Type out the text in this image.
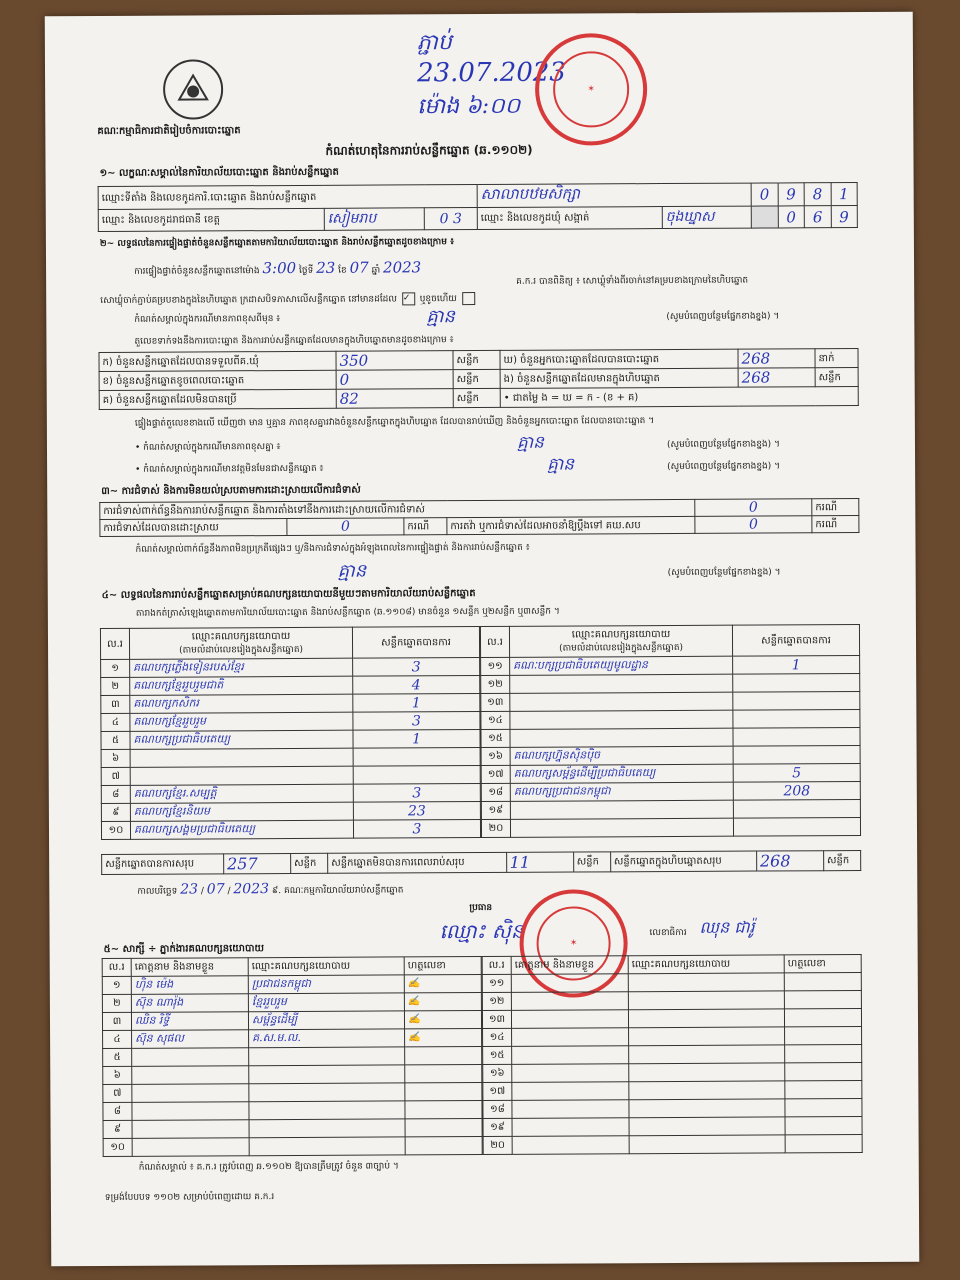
ភ្ជាប់
23.07.2023
ម៉ោង ៦:០០
✶
គណៈកម្មាធិការជាតិរៀបចំការបោះឆ្នោត
កំណត់ហេតុនៃការរាប់សន្លឹកឆ្នោត (ឆ.១១០២)
១~ លក្ខណៈសម្គាល់នៃការិយាល័យបោះឆ្នោត និងរាប់សន្លឹកឆ្នោត
ឈ្មោះទីតាំង និងលេខកូដការិ.បោះឆ្នោត និងរាប់សន្លឹកឆ្នោត			សាលាបឋមសិក្សា		0	9	8	1
ឈ្មោះ និងលេខកូដរាជធានី ខេត្ត	សៀមរាប	0 3	ឈ្មោះ និងលេខកូដឃុំ សង្កាត់	ចុងឃ្នាស		0	6	9
២~ លទ្ធផលនៃការផ្ទៀងផ្ទាត់ចំនួនសន្លឹកឆ្នោតតាមការិយាល័យបោះឆ្នោត និងរាប់សន្លឹកឆ្នោតដូចខាងក្រោម ៖
ការផ្ទៀងផ្ទាត់ចំនួនសន្លឹកឆ្នោតនៅម៉ោង 3:00 ថ្ងៃទី 23 ខែ 07 ឆ្នាំ 2023
គ.ក.រ បានពិនិត្យ ៖ សោឃ្លុំទាំងពីរចាក់នៅគម្របខាងក្រោមនៃហិបឆ្នោត
សោឃ្លុំចាក់ភ្ជាប់គម្របខាងក្នុងនៃហិបឆ្នោត ក្រដាសបិទភាសាលើសន្លឹកឆ្នោត នៅមានដដែល ✓ ឬខូចហើយ
កំណត់សម្គាល់ក្នុងករណីមានភាពខុសពីមុន ៖	គ្មាន	(សូមបំពេញបន្ថែមផ្នែកខាងខ្នង) ។
តួលេខទាក់ទងនឹងការបោះឆ្នោត និងការរាប់សន្លឹកឆ្នោតដែលមានក្នុងហិបឆ្នោតមានដូចខាងក្រោម ៖
ក) ចំនួនសន្លឹកឆ្នោតដែលបានទទួលពីគ.ឃុំ	350	សន្លឹក	ឃ) ចំនួនអ្នកបោះឆ្នោតដែលបានបោះឆ្នោត	268	នាក់
ខ) ចំនួនសន្លឹកឆ្នោតខូចពេលបោះឆ្នោត	0	សន្លឹក	ង) ចំនួនសន្លឹកឆ្នោតដែលមានក្នុងហិបឆ្នោត	268	សន្លឹក
គ) ចំនួនសន្លឹកឆ្នោតដែលមិនបានប្រើ	82	សន្លឹក	• ជាតម្លៃ ង = ឃ = ក - (ខ + គ)		
ផ្ទៀងផ្ទាត់តួលេខខាងលើ ឃើញថា មាន ឬគ្មាន ភាពខុសគ្នារវាងចំនួនសន្លឹកឆ្នោតក្នុងហិបឆ្នោត ដែលបានរាប់ឃើញ និងចំនួនអ្នកបោះឆ្នោត ដែលបានបោះឆ្នោត ។
• កំណត់សម្គាល់ក្នុងករណីមានភាពខុសគ្នា ៖	គ្មាន	(សូមបំពេញបន្ថែមផ្នែកខាងខ្នង) ។
• កំណត់សម្គាល់ក្នុងករណីមានវត្តមិនមែនជាសន្លឹកឆ្នោត ៖	គ្មាន	(សូមបំពេញបន្ថែមផ្នែកខាងខ្នង) ។
៣~ ការជំទាស់ និងការមិនយល់ស្របតាមការដោះស្រាយលើការជំទាស់
ការជំទាស់ពាក់ព័ន្ធនឹងការរាប់សន្លឹកឆ្នោត និងការតាំងទៅនឹងការដោះស្រាយលើការជំទាស់				0	ករណី
ការជំទាស់ដែលបានដោះស្រាយ	0	ករណី	ការតវ៉ា ឬការជំទាស់ដែលអាចនាំឱ្យប្តឹងទៅ គឃ.សប	0	ករណី
កំណត់សម្គាល់ពាក់ព័ន្ធនឹងភាពមិនប្រក្រតីផ្សេងៗ ឬ/និងការជំទាស់ក្នុងអំឡុងពេលនៃការផ្ទៀងផ្ទាត់ និងការរាប់សន្លឹកឆ្នោត ៖
គ្មាន	(សូមបំពេញបន្ថែមផ្នែកខាងខ្នង) ។
៤~ លទ្ធផលនៃការរាប់សន្លឹកឆ្នោតសម្រាប់គណបក្សនយោបាយនីមួយៗតាមការិយាល័យរាប់សន្លឹកឆ្នោត
តារាងកត់ត្រាសំឡេងឆ្នោតតាមការិយាល័យបោះឆ្នោត និងរាប់សន្លឹកឆ្នោត (ឆ.១១០៨) មានចំនួន ១សន្លឹក ឬ២សន្លឹក ឬ៣សន្លឹក ។
ល.រ	ឈ្មោះគណបក្សនយោបាយ
(តាមលំដាប់លេខរៀងក្នុងសន្លឹកឆ្នោត)	សន្លឹកឆ្នោតបានការ
១	គណបក្សភ្លើងទៀនរបស់ខ្មែរ	3
២	គណបក្សខ្មែររួបរួមជាតិ	4
៣	គណបក្សកសិករ	1
៤	គណបក្សខ្មែររួបរួម	3
៥	គណបក្សប្រជាធិបតេយ្យ	1
៦		
៧		
៨	គណបក្សខ្មែរ.សម្បត្តិ	3
៩	គណបក្សខ្មែរនិយម	23
១០	គណបក្សសង្គមប្រជាធិបតេយ្យ	3
ល.រ	ឈ្មោះគណបក្សនយោបាយ
(តាមលំដាប់លេខរៀងក្នុងសន្លឹកឆ្នោត)	សន្លឹកឆ្នោតបានការ
១១	គណៈបក្សប្រជាធិបតេយ្យមូលដ្ឋាន	1
១២		
១៣		
១៤		
១៥		
១៦	គណបក្សហ្វ៊ុនស៊ិនប៉ិច	
១៧	គណបក្សសម្ព័ន្ធដើម្បីប្រជាធិបតេយ្យ	5
១៨	គណបក្សប្រជាជនកម្ពុជា	208
១៩		
២០		
សន្លឹកឆ្នោតបានការសរុប	257	សន្លឹក	សន្លឹកឆ្នោតមិនបានការពេលរាប់សរុប	11	សន្លឹក	សន្លឹកឆ្នោតក្នុងហិបឆ្នោតសរុប	268	សន្លឹក
កាលបរិច្ឆេទ 23 / 07 / 2023 ៩. គណៈកម្មការិយាល័យរាប់សន្លឹកឆ្នោត
ប្រធាន
ឈ្មោះ ស៊ិន
✶
លេខាធិការ ឈុន ជារ៉ូ
៥~ សាក្សី ÷ ភ្នាក់ងារគណបក្សនយោបាយ
ល.រ	គោត្តនាម និងនាមខ្លួន	ឈ្មោះគណបក្សនយោបាយ	ហត្ថលេខា
១	ហ៊ិន ម៉េង	ប្រជាជនកម្ពុជា	✍
២	ស៊ុន ណារ៉ុង	ខ្មែររួបរួម	✍
៣	ឈិន រិទ្ធី	សម្ព័ន្ធដើម្បី	✍
៤	ស៊ុន សុផល	គ.ស.ម.ល.	✍
៥			
៦			
៧			
៨			
៩			
១០			
ល.រ	គោត្តនាម និងនាមខ្លួន	ឈ្មោះគណបក្សនយោបាយ	ហត្ថលេខា
១១			
១២			
១៣			
១៤			
១៥			
១៦			
១៧			
១៨			
១៩			
២០			
កំណត់សម្គាល់ ៖ គ.ក.រ ត្រូវបំពេញ ឆ.១១០២ ឱ្យបានត្រឹមត្រូវ ចំនួន ៣ច្បាប់ ។
ទម្រង់បែបបទ ១១០២ សម្រាប់បំពេញដោយ គ.ក.រ
